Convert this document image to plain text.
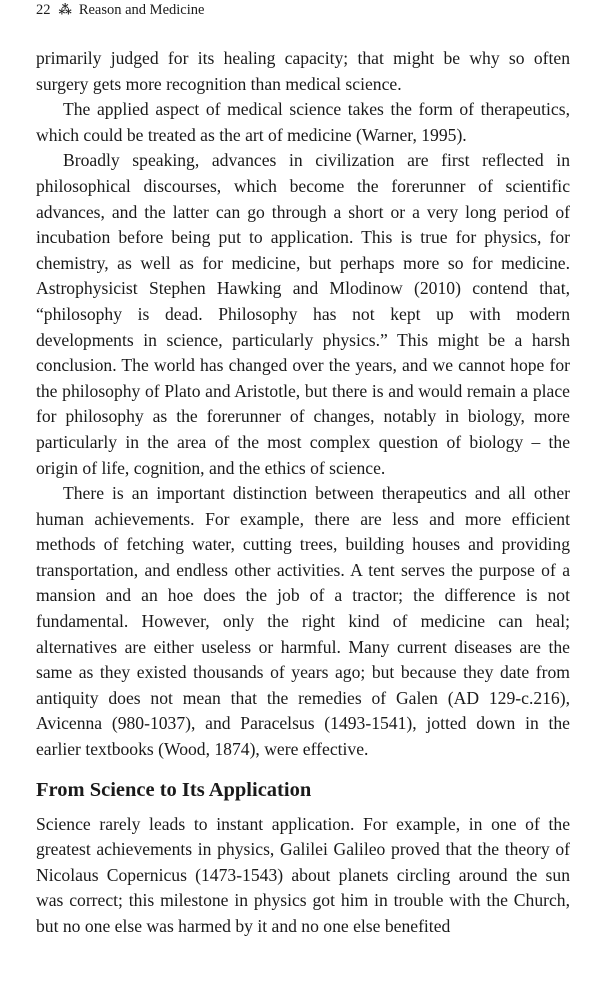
22 ⁂ Reason and Medicine

primarily judged for its healing capacity; that might be why so often surgery gets more recognition than medical science.

The applied aspect of medical science takes the form of therapeutics, which could be treated as the art of medicine (Warner, 1995).

Broadly speaking, advances in civilization are first reflected in philosophical discourses, which become the forerunner of scientific advances, and the latter can go through a short or a very long period of incubation before being put to application. This is true for physics, for chemistry, as well as for medicine, but perhaps more so for medicine. Astrophysicist Stephen Hawking and Mlodinow (2010) contend that, “philosophy is dead. Philosophy has not kept up with modern developments in science, particularly physics.” This might be a harsh conclusion. The world has changed over the years, and we cannot hope for the philosophy of Plato and Aristotle, but there is and would remain a place for philosophy as the forerunner of changes, notably in biology, more particularly in the area of the most complex question of biology – the origin of life, cognition, and the ethics of science.

There is an important distinction between therapeutics and all other human achievements. For example, there are less and more efficient methods of fetching water, cutting trees, building houses and providing transportation, and endless other activities. A tent serves the purpose of a mansion and an hoe does the job of a tractor; the difference is not fundamental. However, only the right kind of medicine can heal; alternatives are either useless or harmful. Many current diseases are the same as they existed thousands of years ago; but because they date from antiquity does not mean that the remedies of Galen (AD 129-c.216), Avicenna (980-1037), and Paracelsus (1493-1541), jotted down in the earlier textbooks (Wood, 1874), were effective.

From Science to Its Application

Science rarely leads to instant application. For example, in one of the greatest achievements in physics, Galilei Galileo proved that the theory of Nicolaus Copernicus (1473-1543) about planets circling around the sun was correct; this milestone in physics got him in trouble with the Church, but no one else was harmed by it and no one else benefited
